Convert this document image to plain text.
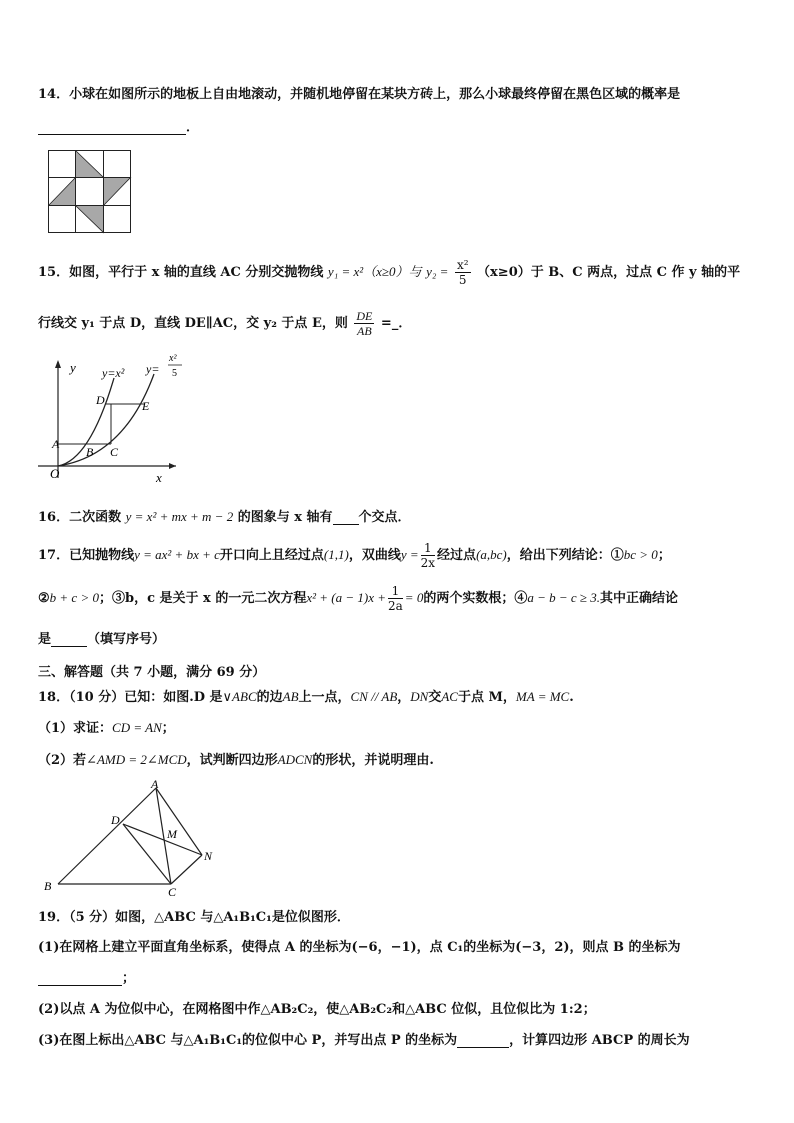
14．小球在如图所示的地板上自由地滚动，并随机地停留在某块方砖上，那么小球最终停留在黑色区域的概率是
．
15．如图，平行于 x 轴的直线 AC 分别交抛物线 y₁ = x²（x≥0）与 $y_2 = \frac{\text{x²}}{5} (x\ge 0)$于 B、C 两点，过点 C 作 y 轴的平
行线交 y₁ 于点 D，直线 DE∥AC，交 y₂ 于点 E，则 $\frac{DE}{AB}$ =_．
y
x
O
A
B C
D	E
y=x² y=
x²
5
16．二次函数 y = x² + mx + m − 2 的图象与 x 轴有 个交点．
17．已知抛物线y = ax² + bx + c开口向上且经过点(1,1)，双曲线$y = \frac{1}{2x}$ 经过点(a,bc)，给出下列结论：①bc > 0；
②b + c > 0；③b，c 是关于 x 的一元二次方程$x^2 + (a - 1)x + \frac{1}{2a} = 0$的两个实数根；④a − b − c ≥ 3.其中正确结论
是	（填写序号）
三、解答题（共 7 小题，满分 69 分）
18．（10 分）已知：如图.D 是∨ABC的边AB上一点，CN // AB，DN交AC于点 M，MA = MC.
（1）求证：CD = AN；
（2）若∠AMD = 2∠MCD，试判断四边形ADCN的形状，并说明理由.
A
B	C
D
M
N
19．（5 分）如图，△ABC 与△A₁B₁C₁是位似图形．
(1)在网格上建立平面直角坐标系，使得点 A 的坐标为(−6，−1)，点 C₁的坐标为(−3，2)，则点 B 的坐标为
；
(2)以点 A 为位似中心，在网格图中作△AB₂C₂，使△AB₂C₂和△ABC 位似，且位似比为 1:2；
(3)在图上标出△ABC 与△A₁B₁C₁的位似中心 P，并写出点 P 的坐标为	，计算四边形 ABCP 的周长为
